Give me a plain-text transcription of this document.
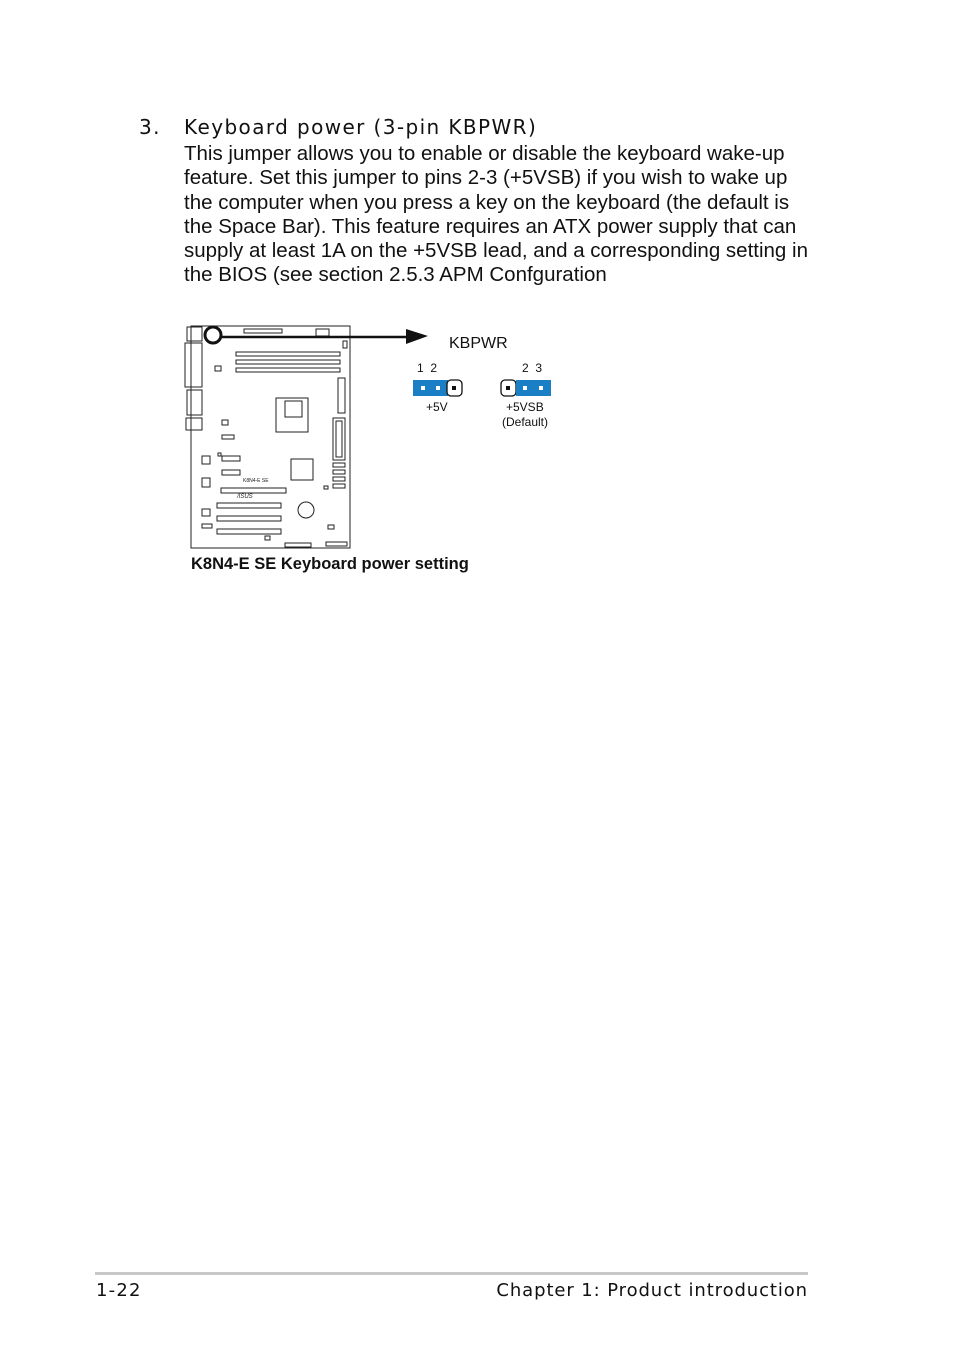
3. Keyboard power (3-pin KBPWR)
This jumper allows you to enable or disable the keyboard wake-up
feature. Set this jumper to pins 2-3 (+5VSB) if you wish to wake up
the computer when you press a key on the keyboard (the default is
the Space Bar). This feature requires an ATX power supply that can
supply at least 1A on the +5VSB lead, and a corresponding setting in
the BIOS (see section 2.5.3 APM Confguration
K8N4-E SE
/ISUS
KBPWR
1  2
+5V
2  3
+5VSB
(Default)
K8N4-E SE Keyboard power setting
1-22	Chapter 1: Product introduction
